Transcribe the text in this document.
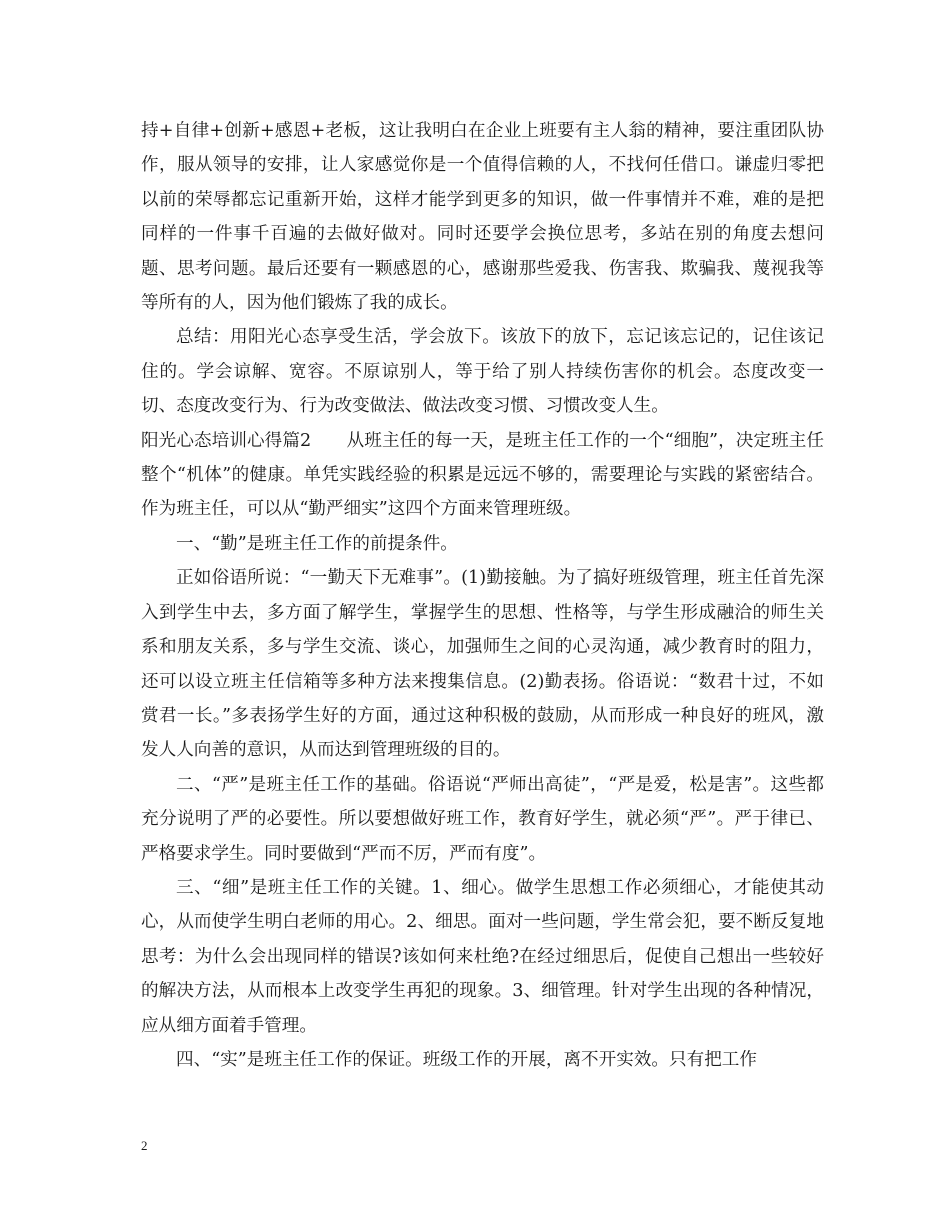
持+自律+创新+感恩+老板，这让我明白在企业上班要有主人翁的精神，要注重团队协作，服从领导的安排，让人家感觉你是一个值得信赖的人，不找何任借口。谦虚归零把以前的荣辱都忘记重新开始，这样才能学到更多的知识，做一件事情并不难，难的是把同样的一件事千百遍的去做好做对。同时还要学会换位思考，多站在别的角度去想问题、思考问题。最后还要有一颗感恩的心，感谢那些爱我、伤害我、欺骗我、蔑视我等等所有的人，因为他们锻炼了我的成长。

总结：用阳光心态享受生活，学会放下。该放下的放下，忘记该忘记的，记住该记住的。学会谅解、宽容。不原谅别人，等于给了别人持续伤害你的机会。态度改变一切、态度改变行为、行为改变做法、做法改变习惯、习惯改变人生。

阳光心态培训心得篇2　　从班主任的每一天，是班主任工作的一个“细胞”，决定班主任整个“机体”的健康。单凭实践经验的积累是远远不够的，需要理论与实践的紧密结合。作为班主任，可以从“勤严细实”这四个方面来管理班级。

一、“勤”是班主任工作的前提条件。

正如俗语所说：“一勤天下无难事”。(1)勤接触。为了搞好班级管理，班主任首先深入到学生中去，多方面了解学生，掌握学生的思想、性格等，与学生形成融洽的师生关系和朋友关系，多与学生交流、谈心，加强师生之间的心灵沟通，减少教育时的阻力，还可以设立班主任信箱等多种方法来搜集信息。(2)勤表扬。俗语说：“数君十过，不如赏君一长。”多表扬学生好的方面，通过这种积极的鼓励，从而形成一种良好的班风，激发人人向善的意识，从而达到管理班级的目的。

二、“严”是班主任工作的基础。俗语说“严师出高徒”，“严是爱，松是害”。这些都充分说明了严的必要性。所以要想做好班工作，教育好学生，就必须“严”。严于律已、严格要求学生。同时要做到“严而不厉，严而有度”。

三、“细”是班主任工作的关键。1、细心。做学生思想工作必须细心，才能使其动心，从而使学生明白老师的用心。2、细思。面对一些问题，学生常会犯，要不断反复地思考：为什么会出现同样的错误?该如何来杜绝?在经过细思后，促使自己想出一些较好的解决方法，从而根本上改变学生再犯的现象。3、细管理。针对学生出现的各种情况，应从细方面着手管理。

四、“实”是班主任工作的保证。班级工作的开展，离不开实效。只有把工作

2
